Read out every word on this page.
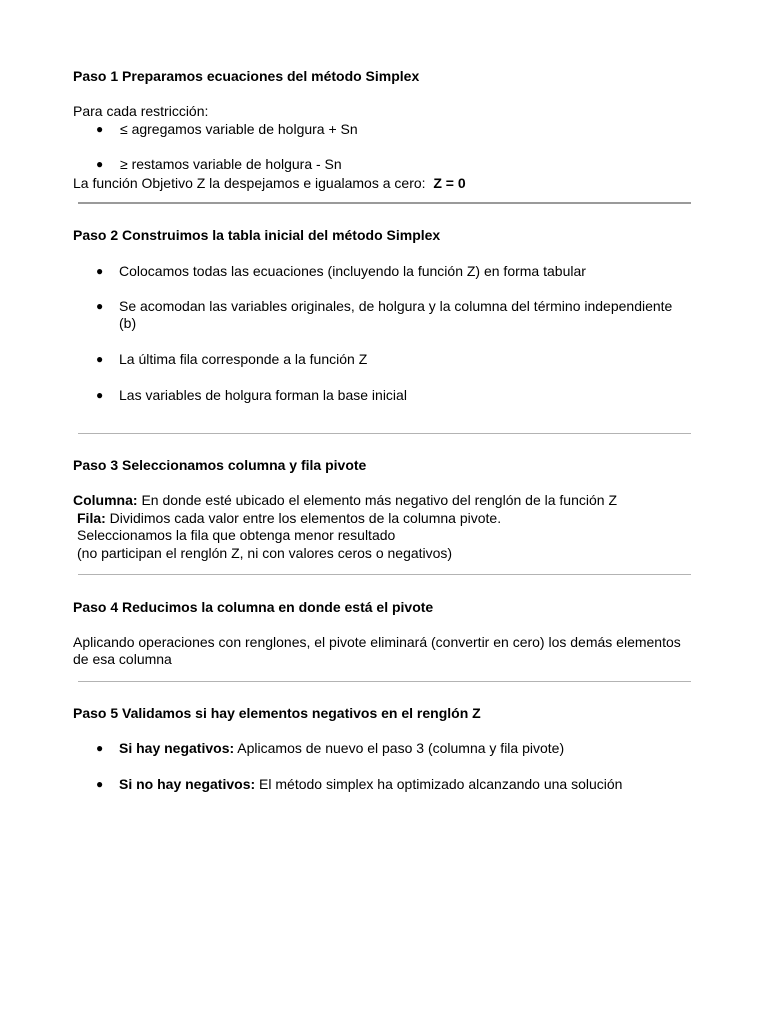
Paso 1 Preparamos ecuaciones del método Simplex
Para cada restricción:
● ≤ agregamos variable de holgura + Sn
● ≥ restamos variable de holgura - Sn
La función Objetivo Z la despejamos e igualamos a cero: Z = 0
Paso 2 Construimos la tabla inicial del método Simplex
● Colocamos todas las ecuaciones (incluyendo la función Z) en forma tabular
● Se acomodan las variables originales, de holgura y la columna del término independiente (b)
● La última fila corresponde a la función Z
● Las variables de holgura forman la base inicial
Paso 3 Seleccionamos columna y fila pivote
Columna: En donde esté ubicado el elemento más negativo del renglón de la función Z
Fila: Dividimos cada valor entre los elementos de la columna pivote.
Seleccionamos la fila que obtenga menor resultado
(no participan el renglón Z, ni con valores ceros o negativos)
Paso 4 Reducimos la columna en donde está el pivote
Aplicando operaciones con renglones, el pivote eliminará (convertir en cero) los demás elementos
de esa columna
Paso 5 Validamos si hay elementos negativos en el renglón Z
● Si hay negativos: Aplicamos de nuevo el paso 3 (columna y fila pivote)
● Si no hay negativos: El método simplex ha optimizado alcanzando una solución
